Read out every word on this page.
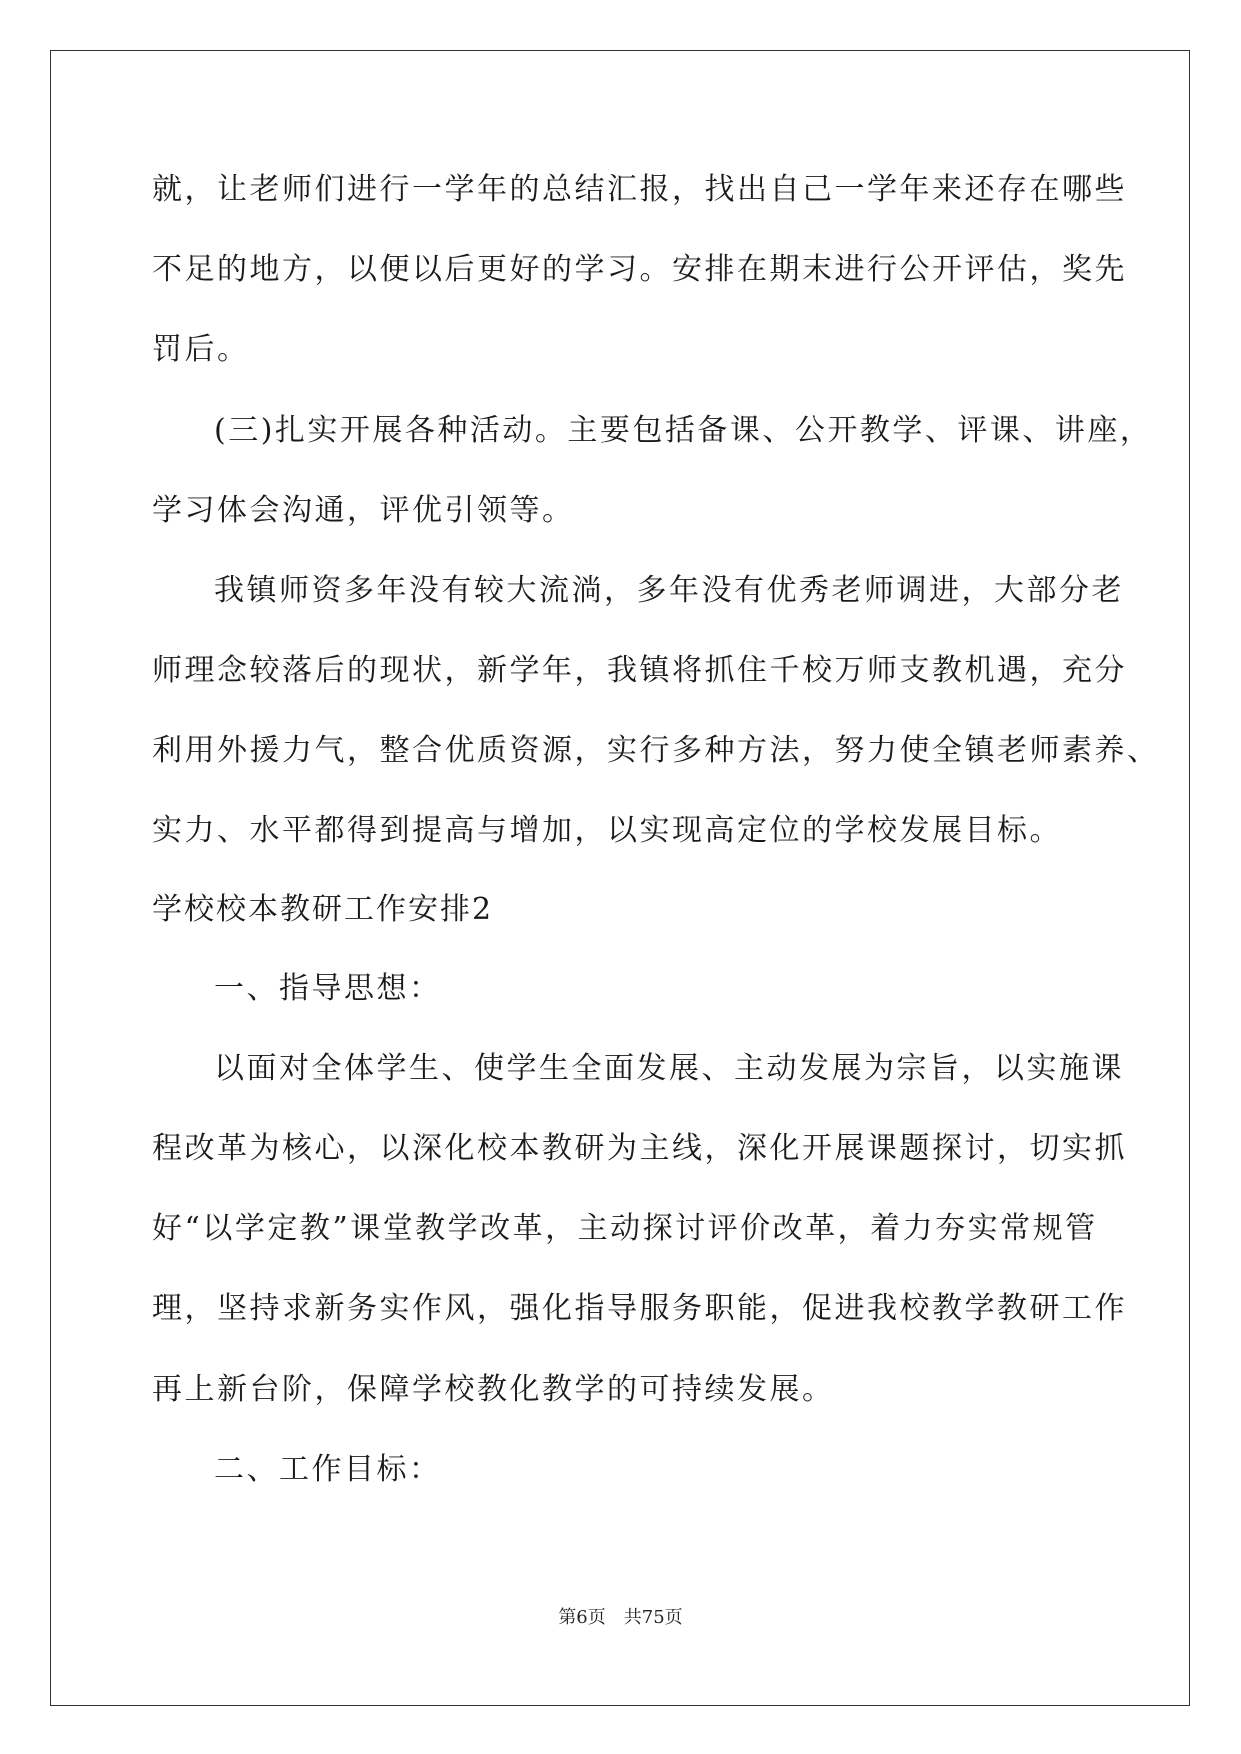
就，让老师们进行一学年的总结汇报，找出自己一学年来还存在哪些
不足的地方，以便以后更好的学习。安排在期末进行公开评估，奖先
罚后。
(三)扎实开展各种活动。主要包括备课、公开教学、评课、讲座，
学习体会沟通，评优引领等。
我镇师资多年没有较大流淌，多年没有优秀老师调进，大部分老
师理念较落后的现状，新学年，我镇将抓住千校万师支教机遇，充分
利用外援力气，整合优质资源，实行多种方法，努力使全镇老师素养、
实力、水平都得到提高与增加，以实现高定位的学校发展目标。
学校校本教研工作安排2
一、指导思想：
以面对全体学生、使学生全面发展、主动发展为宗旨，以实施课
程改革为核心，以深化校本教研为主线，深化开展课题探讨，切实抓
好“以学定教”课堂教学改革，主动探讨评价改革，着力夯实常规管
理，坚持求新务实作风，强化指导服务职能，促进我校教学教研工作
再上新台阶，保障学校教化教学的可持续发展。
二、工作目标：
第6页 共75页
